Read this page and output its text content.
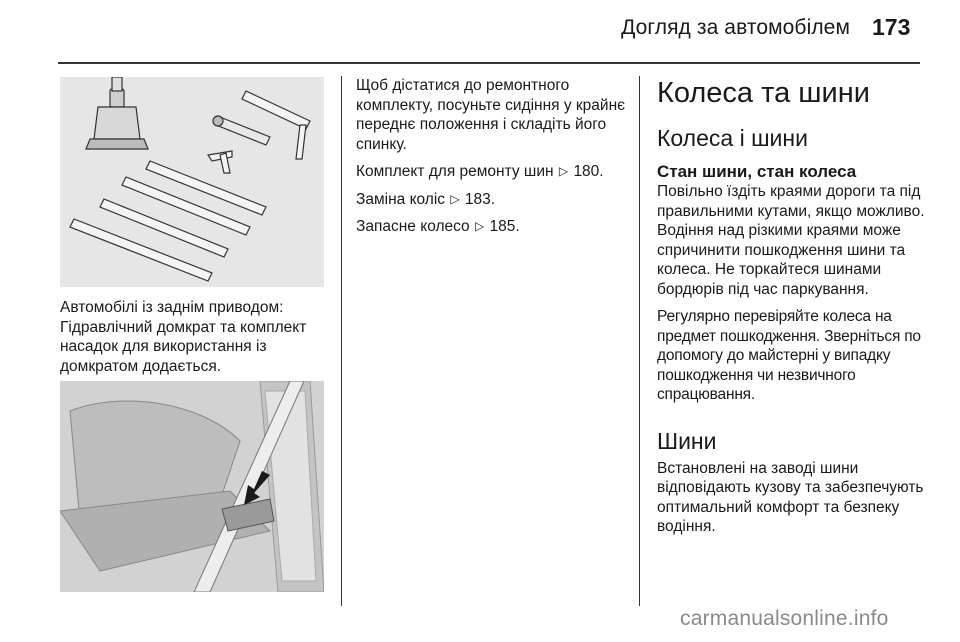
Догляд за автомобілем 173
Автомобілі із заднім приводом: Гідравлічний домкрат та комплект насадок для використання із домкратом додається.

Щоб дістатися до ремонтного комплекту, посуньте сидіння у крайнє переднє положення і складіть його спинку.

Комплект для ремонту шин ▷ 180.

Заміна коліс ▷ 183.

Запасне колесо ▷ 185.

Колеса та шини
Колеса і шини
Стан шини, стан колеса

Повільно їздіть краями дороги та під правильними кутами, якщо можливо. Водіння над різкими краями може спричинити пошкодження шини та колеса. Не торкайтеся шинами бордюрів під час паркування.

Регулярно перевіряйте колеса на предмет пошкодження. Зверніться по допомогу до майстерні у випадку пошкодження чи незвичного спрацювання.

Шини

Встановлені на заводі шини відповідають кузову та забезпечують оптимальний комфорт та безпеку водіння.

carmanualsonline.info
